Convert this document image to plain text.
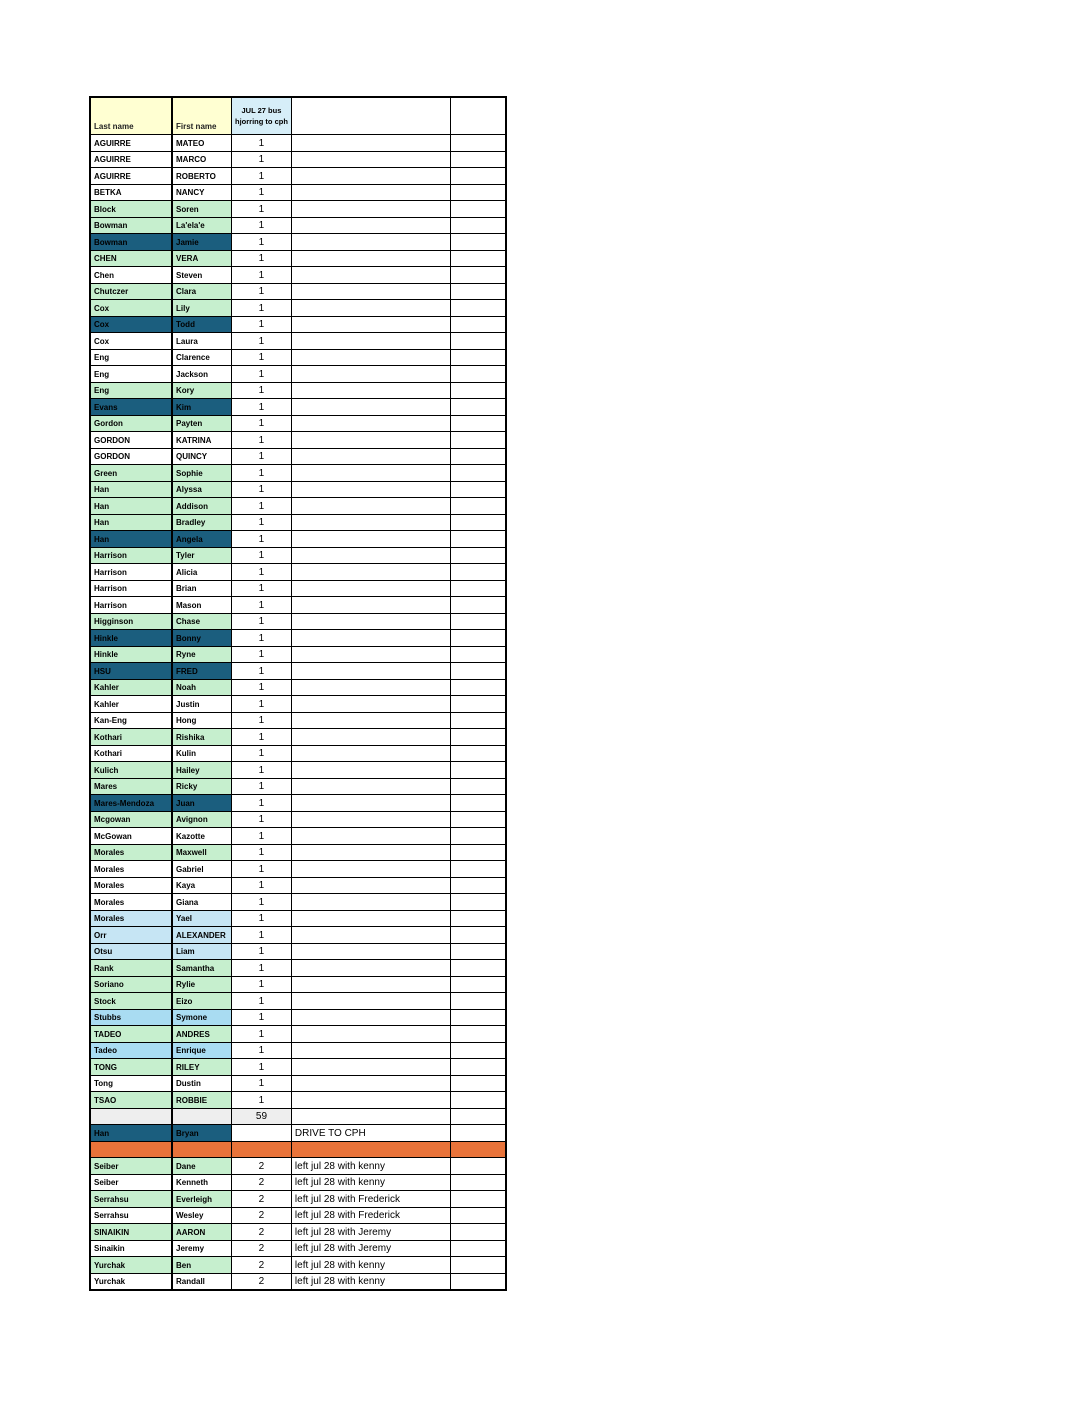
Last name	First name	JUL 27 bus
hjorring to cph		

AGUIRRE	MATEO	1		
AGUIRRE	MARCO	1		
AGUIRRE	ROBERTO	1		
BETKA	NANCY	1		
Block	Soren	1		
Bowman	La'ela'e	1		
Bowman	Jamie	1		
CHEN	VERA	1		
Chen	Steven	1		
Chutczer	Clara	1		
Cox	Lily	1		
Cox	Todd	1		
Cox	Laura	1		
Eng	Clarence	1		
Eng	Jackson	1		
Eng	Kory	1		
Evans	Kim	1		
Gordon	Payten	1		
GORDON	KATRINA	1		
GORDON	QUINCY	1		
Green	Sophie	1		
Han	Alyssa	1		
Han	Addison	1		
Han	Bradley	1		
Han	Angela	1		
Harrison	Tyler	1		
Harrison	Alicia	1		
Harrison	Brian	1		
Harrison	Mason	1		
Higginson	Chase	1		
Hinkle	Bonny	1		
Hinkle	Ryne	1		
HSU	FRED	1		
Kahler	Noah	1		
Kahler	Justin	1		
Kan-Eng	Hong	1		
Kothari	Rishika	1		
Kothari	Kulin	1		
Kulich	Hailey	1		
Mares	Ricky	1		
Mares-Mendoza	Juan	1		
Mcgowan	Avignon	1		
McGowan	Kazotte	1		
Morales	Maxwell	1		
Morales	Gabriel	1		
Morales	Kaya	1		
Morales	Giana	1		
Morales	Yael	1		
Orr	ALEXANDER	1		
Otsu	Liam	1		
Rank	Samantha	1		
Soriano	Rylie	1		
Stock	Eizo	1		
Stubbs	Symone	1		
TADEO	ANDRES	1		
Tadeo	Enrique	1		
TONG	RILEY	1		
Tong	Dustin	1		
TSAO	ROBBIE	1		
		59		
Han	Bryan		DRIVE TO CPH	

Seiber	Dane	2	left jul 28 with kenny	
Seiber	Kenneth	2	left jul 28 with kenny	
Serrahsu	Everleigh	2	left jul 28 with Frederick	
Serrahsu	Wesley	2	left jul 28 with Frederick	
SINAIKIN	AARON	2	left jul 28 with Jeremy	
Sinaikin	Jeremy	2	left jul 28 with Jeremy	
Yurchak	Ben	2	left jul 28 with kenny	
Yurchak	Randall	2	left jul 28 with kenny	
